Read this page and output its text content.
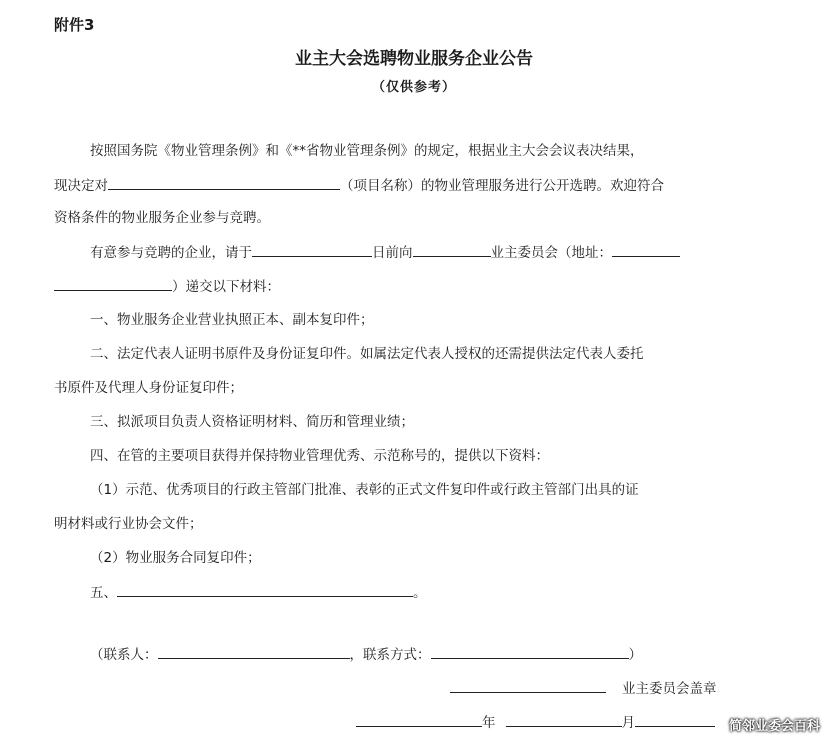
附件3
业主大会选聘物业服务企业公告
（仅供参考）
按照国务院《物业管理条例》和《**省物业管理条例》的规定，根据业主大会会议表决结果，
现决定对	（项目名称）的物业管理服务进行公开选聘。欢迎符合
资格条件的物业服务企业参与竞聘。
有意参与竞聘的企业，请于	日前向	业主委员会（地址：
）递交以下材料：
一、物业服务企业营业执照正本、副本复印件；
二、法定代表人证明书原件及身份证复印件。如属法定代表人授权的还需提供法定代表人委托
书原件及代理人身份证复印件；
三、拟派项目负责人资格证明材料、简历和管理业绩；
四、在管的主要项目获得并保持物业管理优秀、示范称号的，提供以下资料：
（1）示范、优秀项目的行政主管部门批准、表彰的正式文件复印件或行政主管部门出具的证
明材料或行业协会文件；
（2）物业服务合同复印件；
五、	。
（联系人：	，联系方式：	）
业主委员会盖章
年	月	简邻业委会百科
